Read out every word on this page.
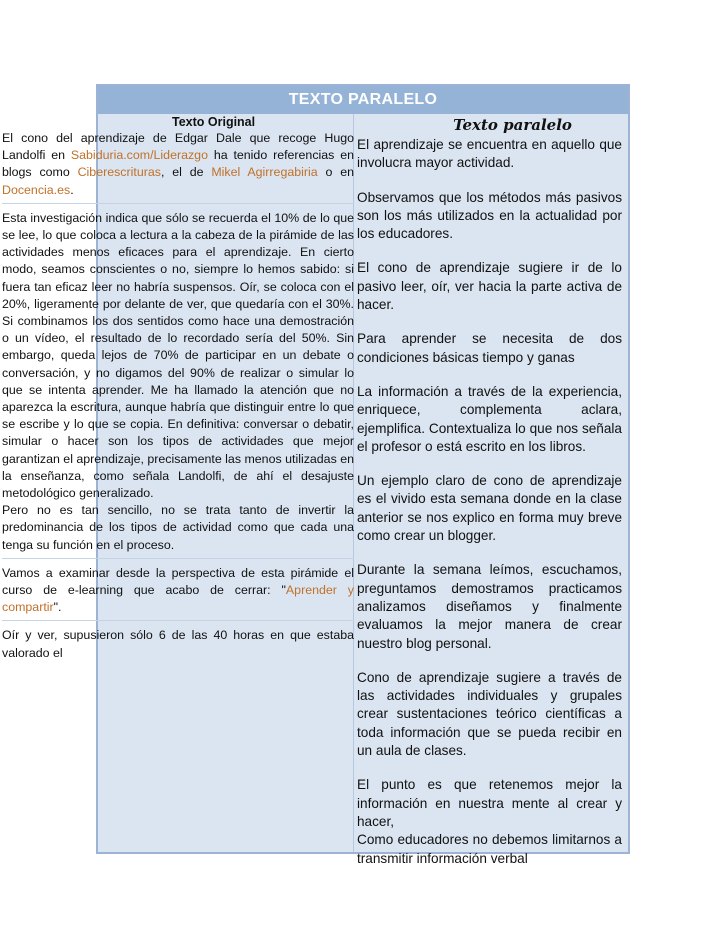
TEXTO PARALELO
Texto Original

El cono del aprendizaje de Edgar Dale que recoge Hugo Landolfi en Sabiduria.com/Liderazgo ha tenido referencias en blogs como Ciberescrituras, el de Mikel Agirregabiria o en Docencia.es.

Esta investigación indica que sólo se recuerda el 10% de lo que se lee, lo que coloca a lectura a la cabeza de la pirámide de las actividades menos eficaces para el aprendizaje. En cierto modo, seamos conscientes o no, siempre lo hemos sabido: si fuera tan eficaz leer no habría suspensos. Oír, se coloca con el 20%, ligeramente por delante de ver, que quedaría con el 30%. Si combinamos los dos sentidos como hace una demostración o un vídeo, el resultado de lo recordado sería del 50%. Sin embargo, queda lejos de 70% de participar en un debate o conversación, y no digamos del 90% de realizar o simular lo que se intenta aprender. Me ha llamado la atención que no aparezca la escritura, aunque habría que distinguir entre lo que se escribe y lo que se copia. En definitiva: conversar o debatir, simular o hacer son los tipos de actividades que mejor garantizan el aprendizaje, precisamente las menos utilizadas en la enseñanza, como señala Landolfi, de ahí el desajuste metodológico generalizado.

Pero no es tan sencillo, no se trata tanto de invertir la predominancia de los tipos de actividad como que cada una tenga su función en el proceso.

Vamos a examinar desde la perspectiva de esta pirámide el curso de e-learning que acabo de cerrar: "Aprender y compartir".

Oír y ver, supusieron sólo 6 de las 40 horas en que estaba valorado el

Texto paralelo

El aprendizaje se encuentra en aquello que involucra mayor actividad.

Observamos que los métodos más pasivos son los más utilizados en la actualidad por los educadores.

El cono de aprendizaje sugiere ir de lo pasivo leer, oír, ver hacia la parte activa de hacer.

Para aprender se necesita de dos condiciones básicas tiempo y ganas

La información a través de la experiencia, enriquece, complementa aclara, ejemplifica. Contextualiza lo que nos señala el profesor o está escrito en los libros.

Un ejemplo claro de cono de aprendizaje es el vivido esta semana donde en la clase anterior se nos explico en forma muy breve como crear un blogger.

Durante la semana leímos, escuchamos, preguntamos demostramos practicamos analizamos diseñamos y finalmente evaluamos la mejor manera de crear nuestro blog personal.

Cono de aprendizaje sugiere a través de las actividades individuales y grupales crear sustentaciones teórico científicas a toda información que se pueda recibir en un aula de clases.

El punto es que retenemos mejor la información en nuestra mente al crear y hacer,

Como educadores no debemos limitarnos a transmitir información verbal
